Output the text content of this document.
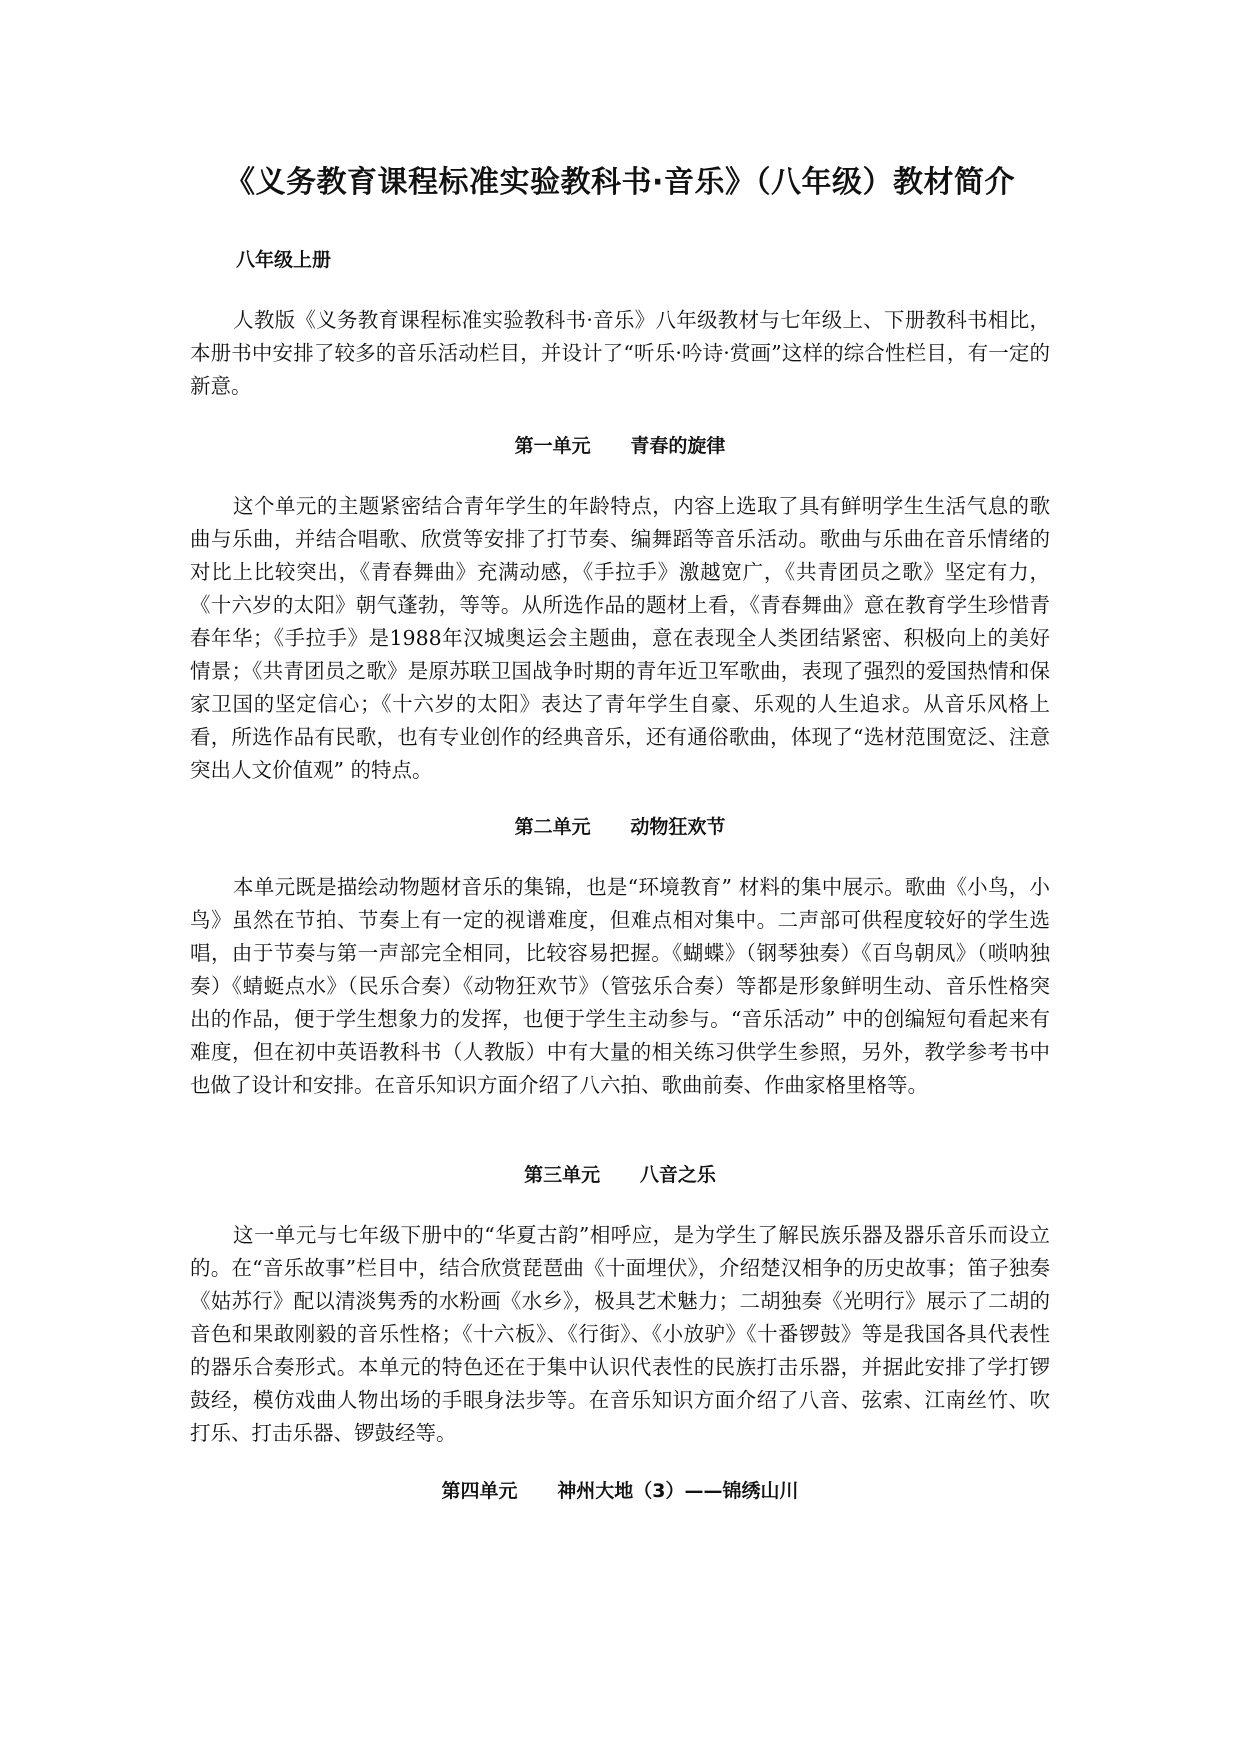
《义务教育课程标准实验教科书·音乐》（八年级）教材简介
八年级上册

人教版《义务教育课程标准实验教科书·音乐》八年级教材与七年级上、下册教科书相比，本册书中安排了较多的音乐活动栏目，并设计了“听乐·吟诗·赏画”这样的综合性栏目，有一定的新意。

第一单元 青春的旋律

这个单元的主题紧密结合青年学生的年龄特点，内容上选取了具有鲜明学生生活气息的歌曲与乐曲，并结合唱歌、欣赏等安排了打节奏、编舞蹈等音乐活动。歌曲与乐曲在音乐情绪的对比上比较突出，《青春舞曲》充满动感，《手拉手》激越宽广，《共青团员之歌》坚定有力，《十六岁的太阳》朝气蓬勃，等等。从所选作品的题材上看，《青春舞曲》意在教育学生珍惜青春年华；《手拉手》是1988年汉城奥运会主题曲，意在表现全人类团结紧密、积极向上的美好情景；《共青团员之歌》是原苏联卫国战争时期的青年近卫军歌曲，表现了强烈的爱国热情和保家卫国的坚定信心；《十六岁的太阳》表达了青年学生自豪、乐观的人生追求。从音乐风格上看，所选作品有民歌，也有专业创作的经典音乐，还有通俗歌曲，体现了“选材范围宽泛、注意突出人文价值观” 的特点。

第二单元 动物狂欢节

本单元既是描绘动物题材音乐的集锦，也是“环境教育” 材料的集中展示。歌曲《小鸟，小鸟》虽然在节拍、节奏上有一定的视谱难度，但难点相对集中。二声部可供程度较好的学生选唱，由于节奏与第一声部完全相同，比较容易把握。《蝴蝶》（钢琴独奏）《百鸟朝凤》（唢呐独奏）《蜻蜓点水》（民乐合奏）《动物狂欢节》（管弦乐合奏）等都是形象鲜明生动、音乐性格突出的作品，便于学生想象力的发挥，也便于学生主动参与。“音乐活动” 中的创编短句看起来有难度，但在初中英语教科书（人教版）中有大量的相关练习供学生参照，另外，教学参考书中也做了设计和安排。在音乐知识方面介绍了八六拍、歌曲前奏、作曲家格里格等。

第三单元 八音之乐

这一单元与七年级下册中的“华夏古韵”相呼应，是为学生了解民族乐器及器乐音乐而设立的。在“音乐故事”栏目中，结合欣赏琵琶曲《十面埋伏》，介绍楚汉相争的历史故事；笛子独奏《姑苏行》配以清淡隽秀的水粉画《水乡》，极具艺术魅力；二胡独奏《光明行》展示了二胡的音色和果敢刚毅的音乐性格；《十六板》、《行街》、《小放驴》《十番锣鼓》等是我国各具代表性的器乐合奏形式。本单元的特色还在于集中认识代表性的民族打击乐器，并据此安排了学打锣鼓经，模仿戏曲人物出场的手眼身法步等。在音乐知识方面介绍了八音、弦索、江南丝竹、吹打乐、打击乐器、锣鼓经等。

第四单元 神州大地（3）——锦绣山川
